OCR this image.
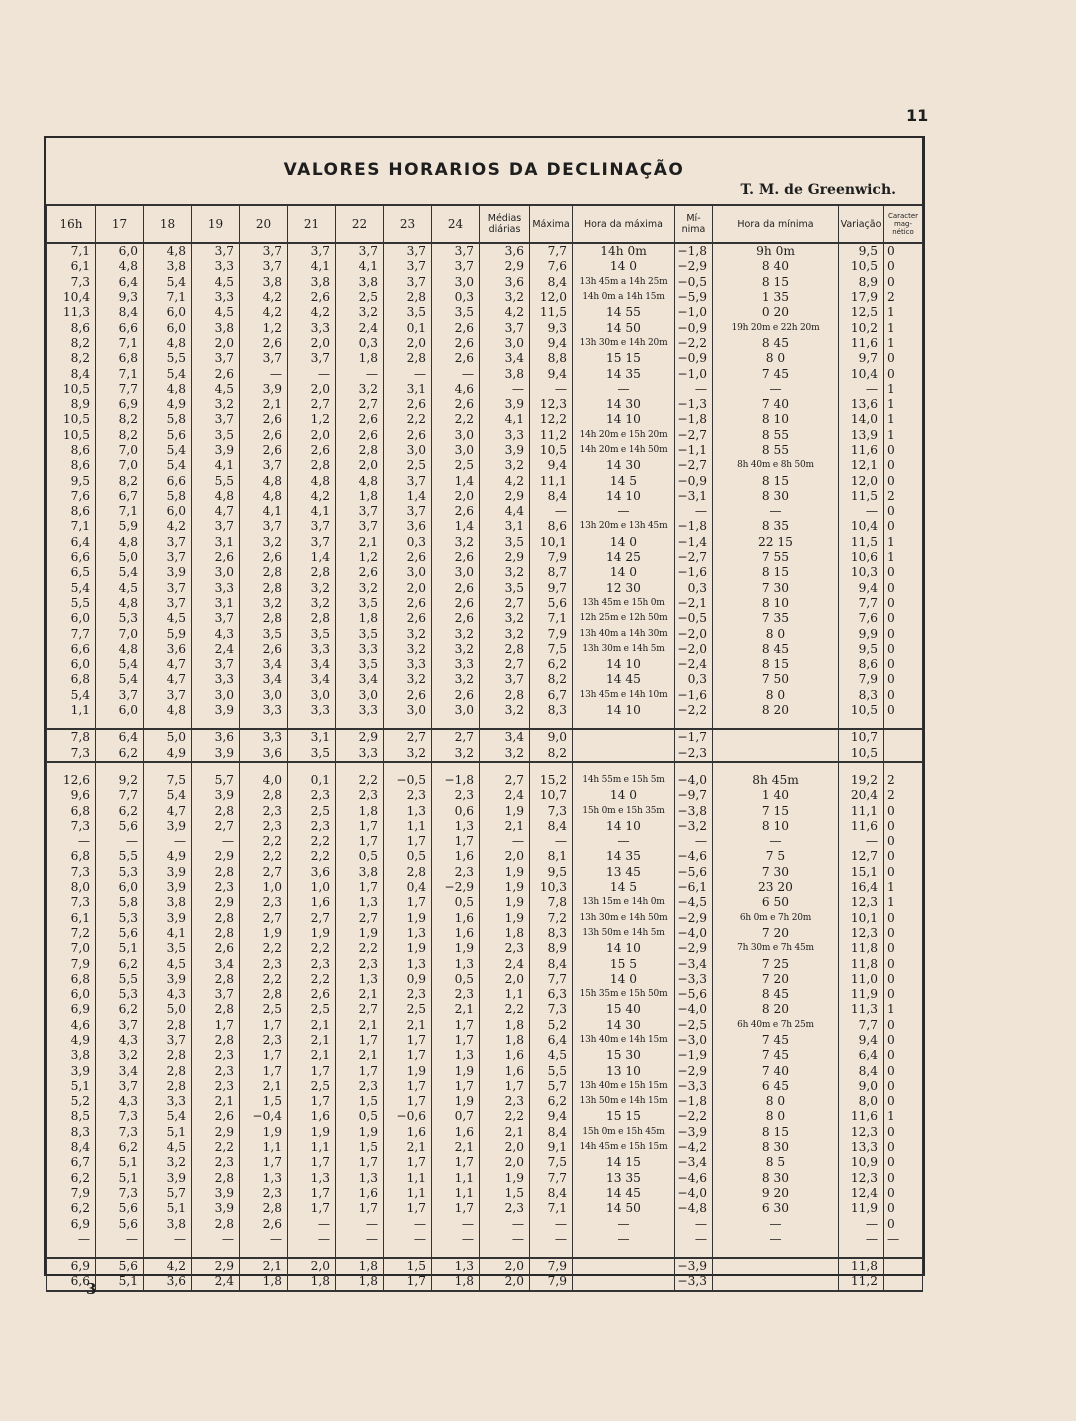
11
VALORES HORARIOS DA DECLINAÇÃO
T. M. de Greenwich.
16h	17	18	19	20	21	22	23	24	Médias diárias	Máxima	Hora da máxima	Mí- nima	Hora da mínima	Variação	Caracter mag- nético
7,1	6,0	4,8	3,7	3,7	3,7	3,7	3,7	3,7	3,6	7,7	14h 0m	−1,8	9h 0m	9,5	0
6,1	4,8	3,8	3,3	3,7	4,1	4,1	3,7	3,7	2,9	7,6	14 0	−2,9	8 40	10,5	0
7,3	6,4	5,4	4,5	3,8	3,8	3,8	3,7	3,0	3,6	8,4	13h 45m a 14h 25m	−0,5	8 15	8,9	0
10,4	9,3	7,1	3,3	4,2	2,6	2,5	2,8	0,3	3,2	12,0	14h 0m a 14h 15m	−5,9	1 35	17,9	2
11,3	8,4	6,0	4,5	4,2	4,2	3,2	3,5	3,5	4,2	11,5	14 55	−1,0	0 20	12,5	1
8,6	6,6	6,0	3,8	1,2	3,3	2,4	0,1	2,6	3,7	9,3	14 50	−0,9	19h 20m e 22h 20m	10,2	1
8,2	7,1	4,8	2,0	2,6	2,0	0,3	2,0	2,6	3,0	9,4	13h 30m e 14h 20m	−2,2	8 45	11,6	1
8,2	6,8	5,5	3,7	3,7	3,7	1,8	2,8	2,6	3,4	8,8	15 15	−0,9	8 0	9,7	0
8,4	7,1	5,4	2,6	—	—	—	—	—	3,8	9,4	14 35	−1,0	7 45	10,4	0
10,5	7,7	4,8	4,5	3,9	2,0	3,2	3,1	4,6	—	—	—	—	—	—	1
8,9	6,9	4,9	3,2	2,1	2,7	2,7	2,6	2,6	3,9	12,3	14 30	−1,3	7 40	13,6	1
10,5	8,2	5,8	3,7	2,6	1,2	2,6	2,2	2,2	4,1	12,2	14 10	−1,8	8 10	14,0	1
10,5	8,2	5,6	3,5	2,6	2,0	2,6	2,6	3,0	3,3	11,2	14h 20m e 15h 20m	−2,7	8 55	13,9	1
8,6	7,0	5,4	3,9	2,6	2,6	2,8	3,0	3,0	3,9	10,5	14h 20m e 14h 50m	−1,1	8 55	11,6	0
8,6	7,0	5,4	4,1	3,7	2,8	2,0	2,5	2,5	3,2	9,4	14 30	−2,7	8h 40m e 8h 50m	12,1	0
9,5	8,2	6,6	5,5	4,8	4,8	4,8	3,7	1,4	4,2	11,1	14 5	−0,9	8 15	12,0	0
7,6	6,7	5,8	4,8	4,8	4,2	1,8	1,4	2,0	2,9	8,4	14 10	−3,1	8 30	11,5	2
8,6	7,1	6,0	4,7	4,1	4,1	3,7	3,7	2,6	4,4	—	—	—	—	—	0
7,1	5,9	4,2	3,7	3,7	3,7	3,7	3,6	1,4	3,1	8,6	13h 20m e 13h 45m	−1,8	8 35	10,4	0
6,4	4,8	3,7	3,1	3,2	3,7	2,1	0,3	3,2	3,5	10,1	14 0	−1,4	22 15	11,5	1
6,6	5,0	3,7	2,6	2,6	1,4	1,2	2,6	2,6	2,9	7,9	14 25	−2,7	7 55	10,6	1
6,5	5,4	3,9	3,0	2,8	2,8	2,6	3,0	3,0	3,2	8,7	14 0	−1,6	8 15	10,3	0
5,4	4,5	3,7	3,3	2,8	3,2	3,2	2,0	2,6	3,5	9,7	12 30	0,3	7 30	9,4	0
5,5	4,8	3,7	3,1	3,2	3,2	3,5	2,6	2,6	2,7	5,6	13h 45m e 15h 0m	−2,1	8 10	7,7	0
6,0	5,3	4,5	3,7	2,8	2,8	1,8	2,6	2,6	3,2	7,1	12h 25m e 12h 50m	−0,5	7 35	7,6	0
7,7	7,0	5,9	4,3	3,5	3,5	3,5	3,2	3,2	3,2	7,9	13h 40m a 14h 30m	−2,0	8 0	9,9	0
6,6	4,8	3,6	2,4	2,6	3,3	3,3	3,2	3,2	2,8	7,5	13h 30m e 14h 5m	−2,0	8 45	9,5	0
6,0	5,4	4,7	3,7	3,4	3,4	3,5	3,3	3,3	2,7	6,2	14 10	−2,4	8 15	8,6	0
6,8	5,4	4,7	3,3	3,4	3,4	3,4	3,2	3,2	3,7	8,2	14 45	0,3	7 50	7,9	0
5,4	3,7	3,7	3,0	3,0	3,0	3,0	2,6	2,6	2,8	6,7	13h 45m e 14h 10m	−1,6	8 0	8,3	0
1,1	6,0	4,8	3,9	3,3	3,3	3,3	3,0	3,0	3,2	8,3	14 10	−2,2	8 20	10,5	0

7,8	6,4	5,0	3,6	3,3	3,1	2,9	2,7	2,7	3,4	9,0		−1,7		10,7	
7,3	6,2	4,9	3,9	3,6	3,5	3,3	3,2	3,2	3,2	8,2		−2,3		10,5	

12,6	9,2	7,5	5,7	4,0	0,1	2,2	−0,5	−1,8	2,7	15,2	14h 55m e 15h 5m	−4,0	8h 45m	19,2	2
9,6	7,7	5,4	3,9	2,8	2,3	2,3	2,3	2,3	2,4	10,7	14 0	−9,7	1 40	20,4	2
6,8	6,2	4,7	2,8	2,3	2,5	1,8	1,3	0,6	1,9	7,3	15h 0m e 15h 35m	−3,8	7 15	11,1	0
7,3	5,6	3,9	2,7	2,3	2,3	1,7	1,1	1,3	2,1	8,4	14 10	−3,2	8 10	11,6	0
—	—	—	—	2,2	2,2	1,7	1,7	1,7	—	—	—	—	—	—	0
6,8	5,5	4,9	2,9	2,2	2,2	0,5	0,5	1,6	2,0	8,1	14 35	−4,6	7 5	12,7	0
7,3	5,3	3,9	2,8	2,7	3,6	3,8	2,8	2,3	1,9	9,5	13 45	−5,6	7 30	15,1	0
8,0	6,0	3,9	2,3	1,0	1,0	1,7	0,4	−2,9	1,9	10,3	14 5	−6,1	23 20	16,4	1
7,3	5,8	3,8	2,9	2,3	1,6	1,3	1,7	0,5	1,9	7,8	13h 15m e 14h 0m	−4,5	6 50	12,3	1
6,1	5,3	3,9	2,8	2,7	2,7	2,7	1,9	1,6	1,9	7,2	13h 30m e 14h 50m	−2,9	6h 0m e 7h 20m	10,1	0
7,2	5,6	4,1	2,8	1,9	1,9	1,9	1,3	1,6	1,8	8,3	13h 50m e 14h 5m	−4,0	7 20	12,3	0
7,0	5,1	3,5	2,6	2,2	2,2	2,2	1,9	1,9	2,3	8,9	14 10	−2,9	7h 30m e 7h 45m	11,8	0
7,9	6,2	4,5	3,4	2,3	2,3	2,3	1,3	1,3	2,4	8,4	15 5	−3,4	7 25	11,8	0
6,8	5,5	3,9	2,8	2,2	2,2	1,3	0,9	0,5	2,0	7,7	14 0	−3,3	7 20	11,0	0
6,0	5,3	4,3	3,7	2,8	2,6	2,1	2,3	2,3	1,1	6,3	15h 35m e 15h 50m	−5,6	8 45	11,9	0
6,9	6,2	5,0	2,8	2,5	2,5	2,7	2,5	2,1	2,2	7,3	15 40	−4,0	8 20	11,3	1
4,6	3,7	2,8	1,7	1,7	2,1	2,1	2,1	1,7	1,8	5,2	14 30	−2,5	6h 40m e 7h 25m	7,7	0
4,9	4,3	3,7	2,8	2,3	2,1	1,7	1,7	1,7	1,8	6,4	13h 40m e 14h 15m	−3,0	7 45	9,4	0
3,8	3,2	2,8	2,3	1,7	2,1	2,1	1,7	1,3	1,6	4,5	15 30	−1,9	7 45	6,4	0
3,9	3,4	2,8	2,3	1,7	1,7	1,7	1,9	1,9	1,6	5,5	13 10	−2,9	7 40	8,4	0
5,1	3,7	2,8	2,3	2,1	2,5	2,3	1,7	1,7	1,7	5,7	13h 40m e 15h 15m	−3,3	6 45	9,0	0
5,2	4,3	3,3	2,1	1,5	1,7	1,5	1,7	1,9	2,3	6,2	13h 50m e 14h 15m	−1,8	8 0	8,0	0
8,5	7,3	5,4	2,6	−0,4	1,6	0,5	−0,6	0,7	2,2	9,4	15 15	−2,2	8 0	11,6	1
8,3	7,3	5,1	2,9	1,9	1,9	1,9	1,6	1,6	2,1	8,4	15h 0m e 15h 45m	−3,9	8 15	12,3	0
8,4	6,2	4,5	2,2	1,1	1,1	1,5	2,1	2,1	2,0	9,1	14h 45m e 15h 15m	−4,2	8 30	13,3	0
6,7	5,1	3,2	2,3	1,7	1,7	1,7	1,7	1,7	2,0	7,5	14 15	−3,4	8 5	10,9	0
6,2	5,1	3,9	2,8	1,3	1,3	1,3	1,1	1,1	1,9	7,7	13 35	−4,6	8 30	12,3	0
7,9	7,3	5,7	3,9	2,3	1,7	1,6	1,1	1,1	1,5	8,4	14 45	−4,0	9 20	12,4	0
6,2	5,6	5,1	3,9	2,8	1,7	1,7	1,7	1,7	2,3	7,1	14 50	−4,8	6 30	11,9	0
6,9	5,6	3,8	2,8	2,6	—	—	—	—	—	—	—	—	—	—	0
—	—	—	—	—	—	—	—	—	—	—	—	—	—	—	—

6,9	5,6	4,2	2,9	2,1	2,0	1,8	1,5	1,3	2,0	7,9		−3,9		11,8	
6,6	5,1	3,6	2,4	1,8	1,8	1,8	1,7	1,8	2,0	7,9		−3,3		11,2	
3
